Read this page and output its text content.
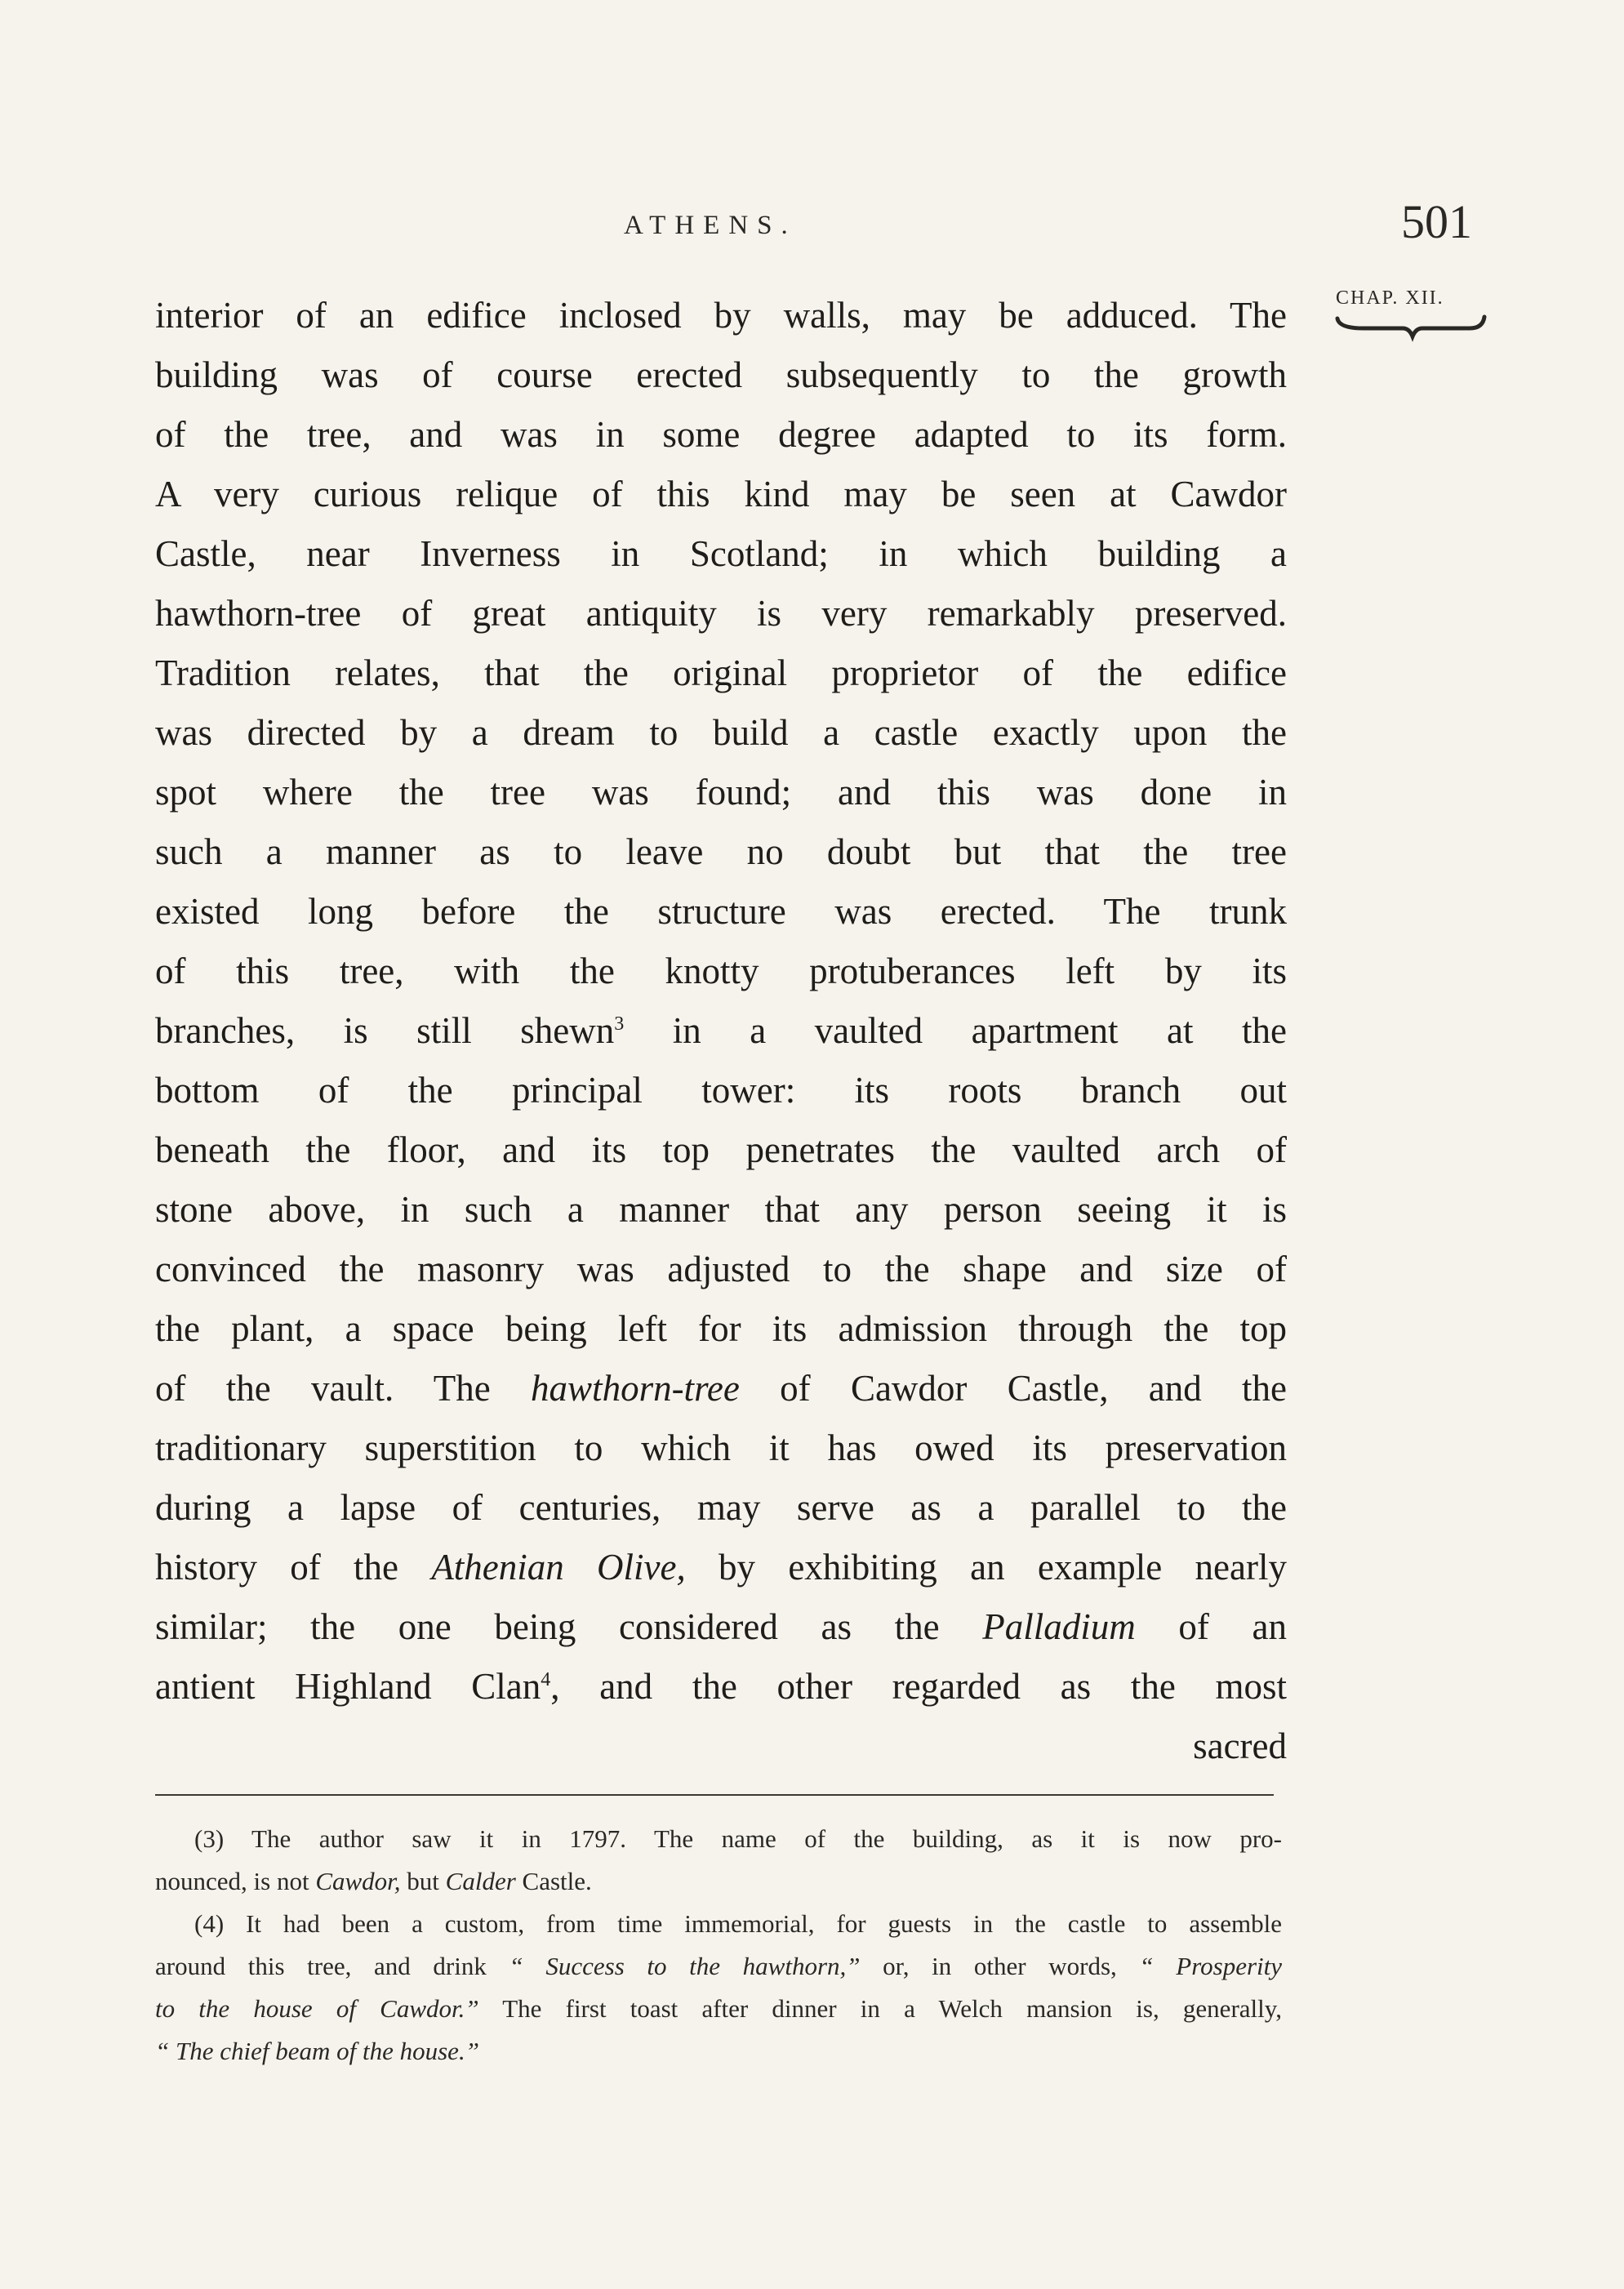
ATHENS.	501
CHAP. XII.
interior of an edifice inclosed by walls, may be adduced. The
building was of course erected subsequently to the growth
of the tree, and was in some degree adapted to its form.
A very curious relique of this kind may be seen at Cawdor
Castle, near Inverness in Scotland; in which building a
hawthorn-tree of great antiquity is very remarkably preserved.
Tradition relates, that the original proprietor of the edifice
was directed by a dream to build a castle exactly upon the
spot where the tree was found; and this was done in
such a manner as to leave no doubt but that the tree
existed long before the structure was erected. The trunk
of this tree, with the knotty protuberances left by its
branches, is still shewn$^3$ in a vaulted apartment at the
bottom of the principal tower: its roots branch out
beneath the floor, and its top penetrates the vaulted arch of
stone above, in such a manner that any person seeing it is
convinced the masonry was adjusted to the shape and size of
the plant, a space being left for its admission through the top
of the vault. The hawthorn-tree of Cawdor Castle, and the
traditionary superstition to which it has owed its preservation
during a lapse of centuries, may serve as a parallel to the
history of the Athenian Olive, by exhibiting an example nearly
similar; the one being considered as the Palladium of an
antient Highland Clan$^4$, and the other regarded as the most
sacred
(3) The author saw it in 1797. The name of the building, as it is now pro-
nounced, is not Cawdor, but Calder Castle.
(4) It had been a custom, from time immemorial, for guests in the castle to assemble
around this tree, and drink “ Success to the hawthorn,” or, in other words, “ Prosperity
to the house of Cawdor.” The first toast after dinner in a Welch mansion is, generally,
“ The chief beam of the house.”
